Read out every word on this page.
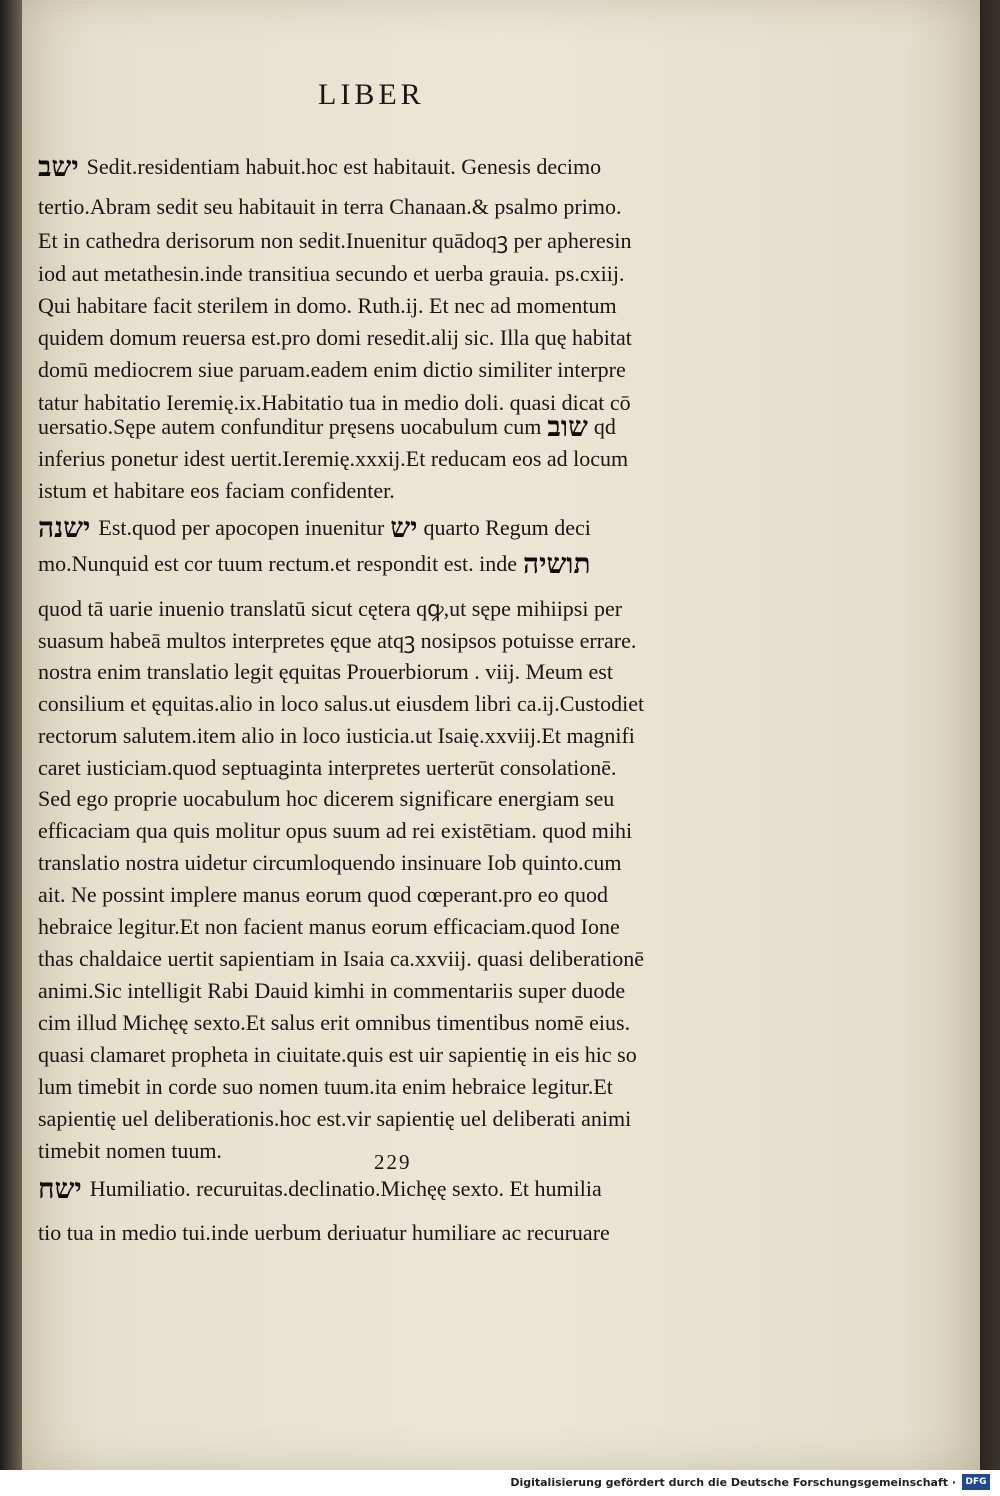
LIBER
ישב Sedit.residentiam habuit.hoc est habitauit. Genesis decimo
tertio.Abram sedit seu habitauit in terra Chanaan.& psalmo primo.
Et in cathedra derisorum non sedit.Inuenitur quādoqꝫ per apheresin
iod aut metathesin.inde transitiua secundo et uerba grauia. ps.cxiij.
Qui habitare facit sterilem in domo. Ruth.ij. Et nec ad momentum
quidem domum reuersa est.pro domi resedit.alij sic. Illa quę habitat
domū mediocrem siue paruam.eadem enim dictio similiter interpre
tatur habitatio Ieremię.ix.Habitatio tua in medio doli. quasi dicat cō
uersatio.Sępe autem confunditur pręsens uocabulum cum שוב qd
inferius ponetur idest uertit.Ieremię.xxxij.Et reducam eos ad locum
istum et habitare eos faciam confidenter.
ישנה Est.quod per apocopen inuenitur יש quarto Regum deci
mo.Nunquid est cor tuum rectum.et respondit est. inde תושיה
quod tā uarie inuenio translatū sicut cętera qꝙ,ut sępe mihiipsi per
suasum habeā multos interpretes ęque atqꝫ nosipsos potuisse errare.
nostra enim translatio legit ęquitas Prouerbiorum . viij. Meum est
consilium et ęquitas.alio in loco salus.ut eiusdem libri ca.ij.Custodiet
rectorum salutem.item alio in loco iusticia.ut Isaię.xxviij.Et magnifi
caret iusticiam.quod septuaginta interpretes uerterūt consolationē.
Sed ego proprie uocabulum hoc dicerem significare energiam seu
efficaciam qua quis molitur opus suum ad rei existētiam. quod mihi
translatio nostra uidetur circumloquendo insinuare Iob quinto.cum
ait. Ne possint implere manus eorum quod cœperant.pro eo quod
hebraice legitur.Et non facient manus eorum efficaciam.quod Ione
thas chaldaice uertit sapientiam in Isaia ca.xxviij. quasi deliberationē
animi.Sic intelligit Rabi Dauid kimhi in commentariis super duode
cim illud Michęę sexto.Et salus erit omnibus timentibus nomē eius.
quasi clamaret propheta in ciuitate.quis est uir sapientię in eis hic so
lum timebit in corde suo nomen tuum.ita enim hebraice legitur.Et
sapientię uel deliberationis.hoc est.vir sapientię uel deliberati animi
timebit nomen tuum.
ישח Humiliatio. recuruitas.declinatio.Michęę sexto. Et humilia
tio tua in medio tui.inde uerbum deriuatur humiliare ac recuruare
229
Digitalisierung gefördert durch die Deutsche Forschungsgemeinschaft ·	DFG
